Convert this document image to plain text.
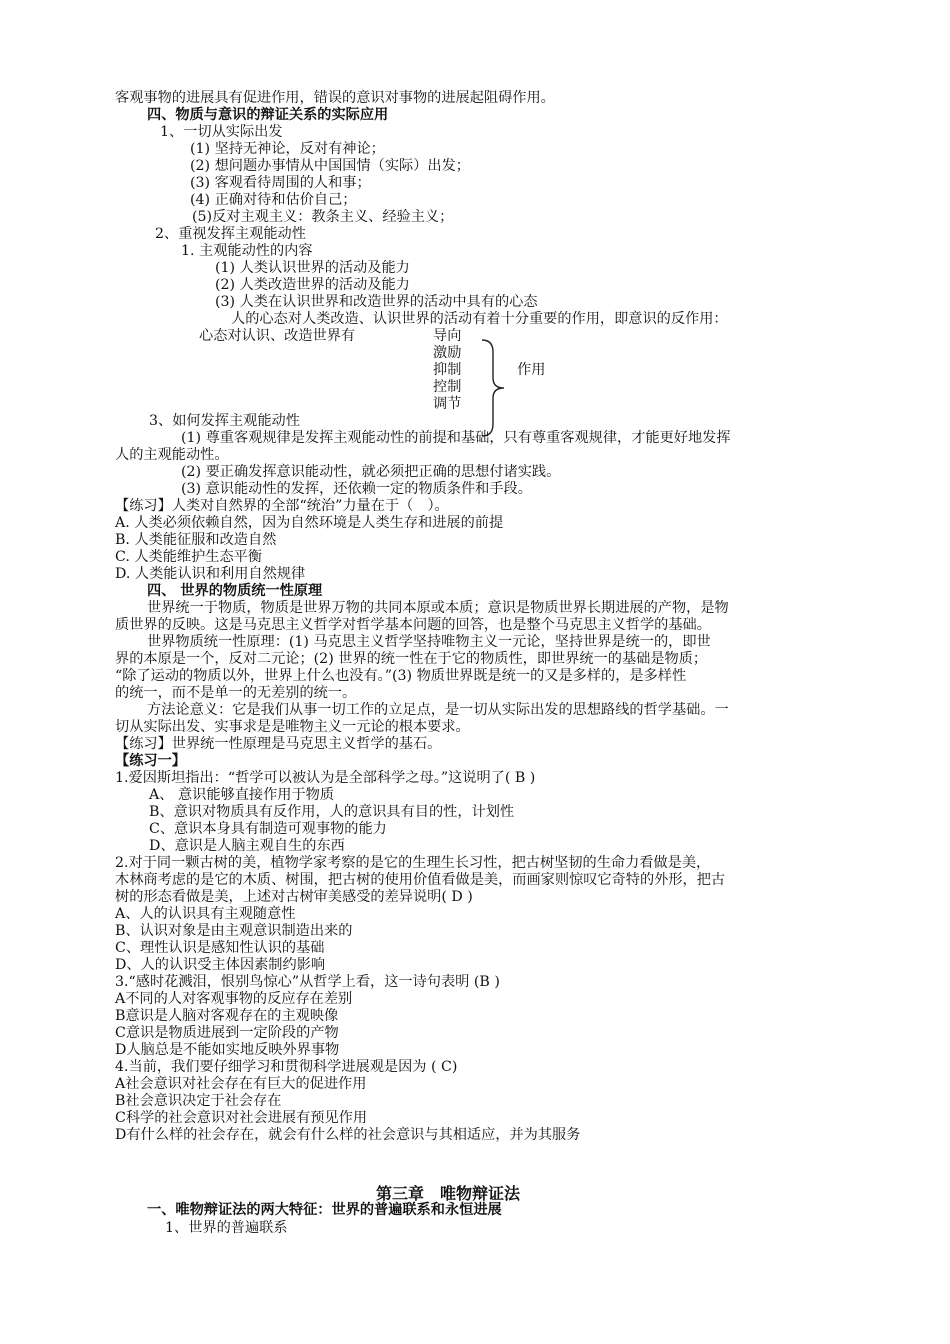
客观事物的进展具有促进作用，错误的意识对事物的进展起阻碍作用。
四、物质与意识的辩证关系的实际应用
1、一切从实际出发
(1) 坚持无神论，反对有神论；
(2) 想问题办事情从中国国情（实际）出发；
(3) 客观看待周围的人和事；
(4) 正确对待和估价自己；
(5)反对主观主义：教条主义、经验主义；
2、重视发挥主观能动性
1. 主观能动性的内容
(1) 人类认识世界的活动及能力
(2) 人类改造世界的活动及能力
(3) 人类在认识世界和改造世界的活动中具有的心态
人的心态对人类改造、认识世界的活动有着十分重要的作用，即意识的反作用：
心态对认识、改造世界有	导向
激励
抑制	作用
控制
调节
3、如何发挥主观能动性
(1) 尊重客观规律是发挥主观能动性的前提和基础，只有尊重客观规律，才能更好地发挥
人的主观能动性。
(2) 要正确发挥意识能动性，就必须把正确的思想付诸实践。
(3) 意识能动性的发挥，还依赖一定的物质条件和手段。
【练习】人类对自然界的全部“统治”力量在于（　）。
A. 人类必须依赖自然，因为自然环境是人类生存和进展的前提
B. 人类能征服和改造自然
C. 人类能维护生态平衡
D. 人类能认识和利用自然规律
四、 世界的物质统一性原理
世界统一于物质，物质是世界万物的共同本原或本质；意识是物质世界长期进展的产物，是物
质世界的反映。这是马克思主义哲学对哲学基本问题的回答，也是整个马克思主义哲学的基础。
世界物质统一性原理：(1) 马克思主义哲学坚持唯物主义一元论，坚持世界是统一的，即世
界的本原是一个，反对二元论；(2) 世界的统一性在于它的物质性，即世界统一的基础是物质；
“除了运动的物质以外，世界上什么也没有。”(3) 物质世界既是统一的又是多样的，是多样性
的统一，而不是单一的无差别的统一。
方法论意义：它是我们从事一切工作的立足点，是一切从实际出发的思想路线的哲学基础。一
切从实际出发、实事求是是唯物主义一元论的根本要求。
【练习】世界统一性原理是马克思主义哲学的基石。
【练习一】
1.爱因斯坦指出：“哲学可以被认为是全部科学之母。”这说明了( B )
A、 意识能够直接作用于物质
B、意识对物质具有反作用，人的意识具有目的性，计划性
C、意识本身具有制造可观事物的能力
D、意识是人脑主观自生的东西
2.对于同一颗古树的美，植物学家考察的是它的生理生长习性，把古树坚韧的生命力看做是美，
木林商考虑的是它的木质、树围，把古树的使用价值看做是美，而画家则惊叹它奇特的外形，把古
树的形态看做是美，上述对古树审美感受的差异说明( D )
A、人的认识具有主观随意性
B、认识对象是由主观意识制造出来的
C、理性认识是感知性认识的基础
D、人的认识受主体因素制约影响
3.“感时花溅泪，恨别鸟惊心”从哲学上看，这一诗句表明 (B )
A不同的人对客观事物的反应存在差别
B意识是人脑对客观存在的主观映像
C意识是物质进展到一定阶段的产物
D人脑总是不能如实地反映外界事物
4.当前，我们要仔细学习和贯彻科学进展观是因为 ( C)
A社会意识对社会存在有巨大的促进作用
B社会意识决定于社会存在
C科学的社会意识对社会进展有预见作用
D有什么样的社会存在，就会有什么样的社会意识与其相适应，并为其服务
第三章　唯物辩证法
一、唯物辩证法的两大特征：世界的普遍联系和永恒进展
1、世界的普遍联系
